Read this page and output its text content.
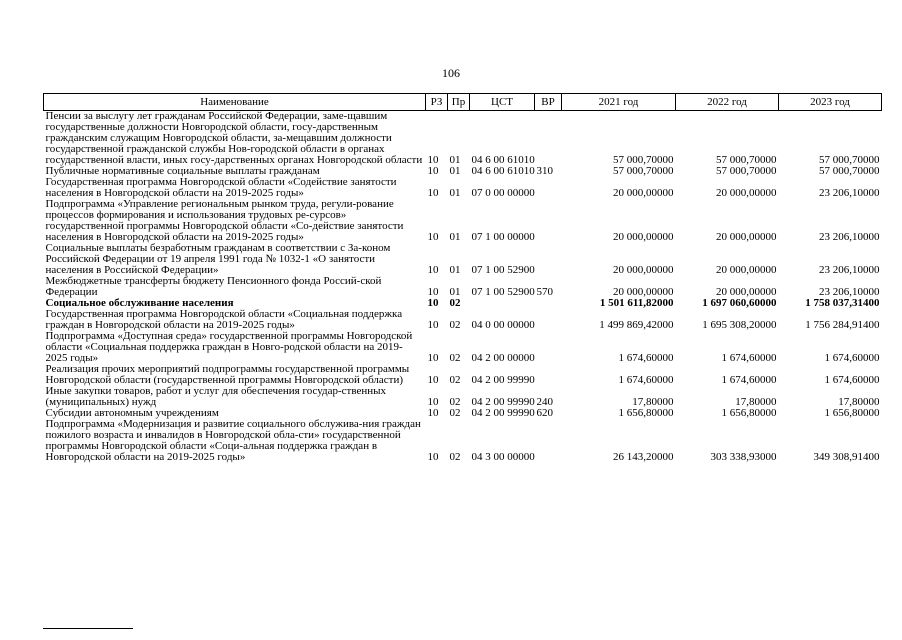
106
Наименование	РЗ	Пр	ЦСТ	ВР	2021 год	2022 год	2023 год
Пенсии за выслугу лет гражданам Российской Федерации, заме-щавшим государственные должности Новгородской области, госу-дарственным гражданским служащим Новгородской области, за-мещавшим должности государственной гражданской службы Нов-городской области в органах государственной власти, иных госу-дарственных органах Новгородской области	10	01	04 6 00 61010		57 000,70000	57 000,70000	57 000,70000
Публичные нормативные социальные выплаты гражданам	10	01	04 6 00 61010	310	57 000,70000	57 000,70000	57 000,70000
Государственная программа Новгородской области «Содействие занятости населения в Новгородской области на 2019-2025 годы»	10	01	07 0 00 00000		20 000,00000	20 000,00000	23 206,10000
Подпрограмма «Управление региональным рынком труда, регули-рование процессов формирования и использования трудовых ре-сурсов» государственной программы Новгородской области «Со-действие занятости населения в Новгородской области на 2019-2025 годы»	10	01	07 1 00 00000		20 000,00000	20 000,00000	23 206,10000
Социальные выплаты безработным гражданам в соответствии с За-коном Российской Федерации от 19 апреля 1991 года № 1032-1 «О занятости населения в Российской Федерации»	10	01	07 1 00 52900		20 000,00000	20 000,00000	23 206,10000
Межбюджетные трансферты бюджету Пенсионного фонда Россий-ской Федерации	10	01	07 1 00 52900	570	20 000,00000	20 000,00000	23 206,10000
Социальное обслуживание населения	10	02			1 501 611,82000	1 697 060,60000	1 758 037,31400
Государственная программа Новгородской области «Социальная поддержка граждан в Новгородской области на 2019-2025 годы»	10	02	04 0 00 00000		1 499 869,42000	1 695 308,20000	1 756 284,91400
Подпрограмма «Доступная среда» государственной программы Новгородской области «Социальная поддержка граждан в Новго-родской области на 2019-2025 годы»	10	02	04 2 00 00000		1 674,60000	1 674,60000	1 674,60000
Реализация прочих мероприятий подпрограммы государственной программы Новгородской области (государственной программы Новгородской области)	10	02	04 2 00 99990		1 674,60000	1 674,60000	1 674,60000
Иные закупки товаров, работ и услуг для обеспечения государ-ственных (муниципальных) нужд	10	02	04 2 00 99990	240	17,80000	17,80000	17,80000
Субсидии автономным учреждениям	10	02	04 2 00 99990	620	1 656,80000	1 656,80000	1 656,80000
Подпрограмма «Модернизация и развитие социального обслужива-ния граждан пожилого возраста и инвалидов в Новгородской обла-сти» государственной программы Новгородской области «Соци-альная поддержка граждан в Новгородской области на 2019-2025 годы»	10	02	04 3 00 00000		26 143,20000	303 338,93000	349 308,91400
